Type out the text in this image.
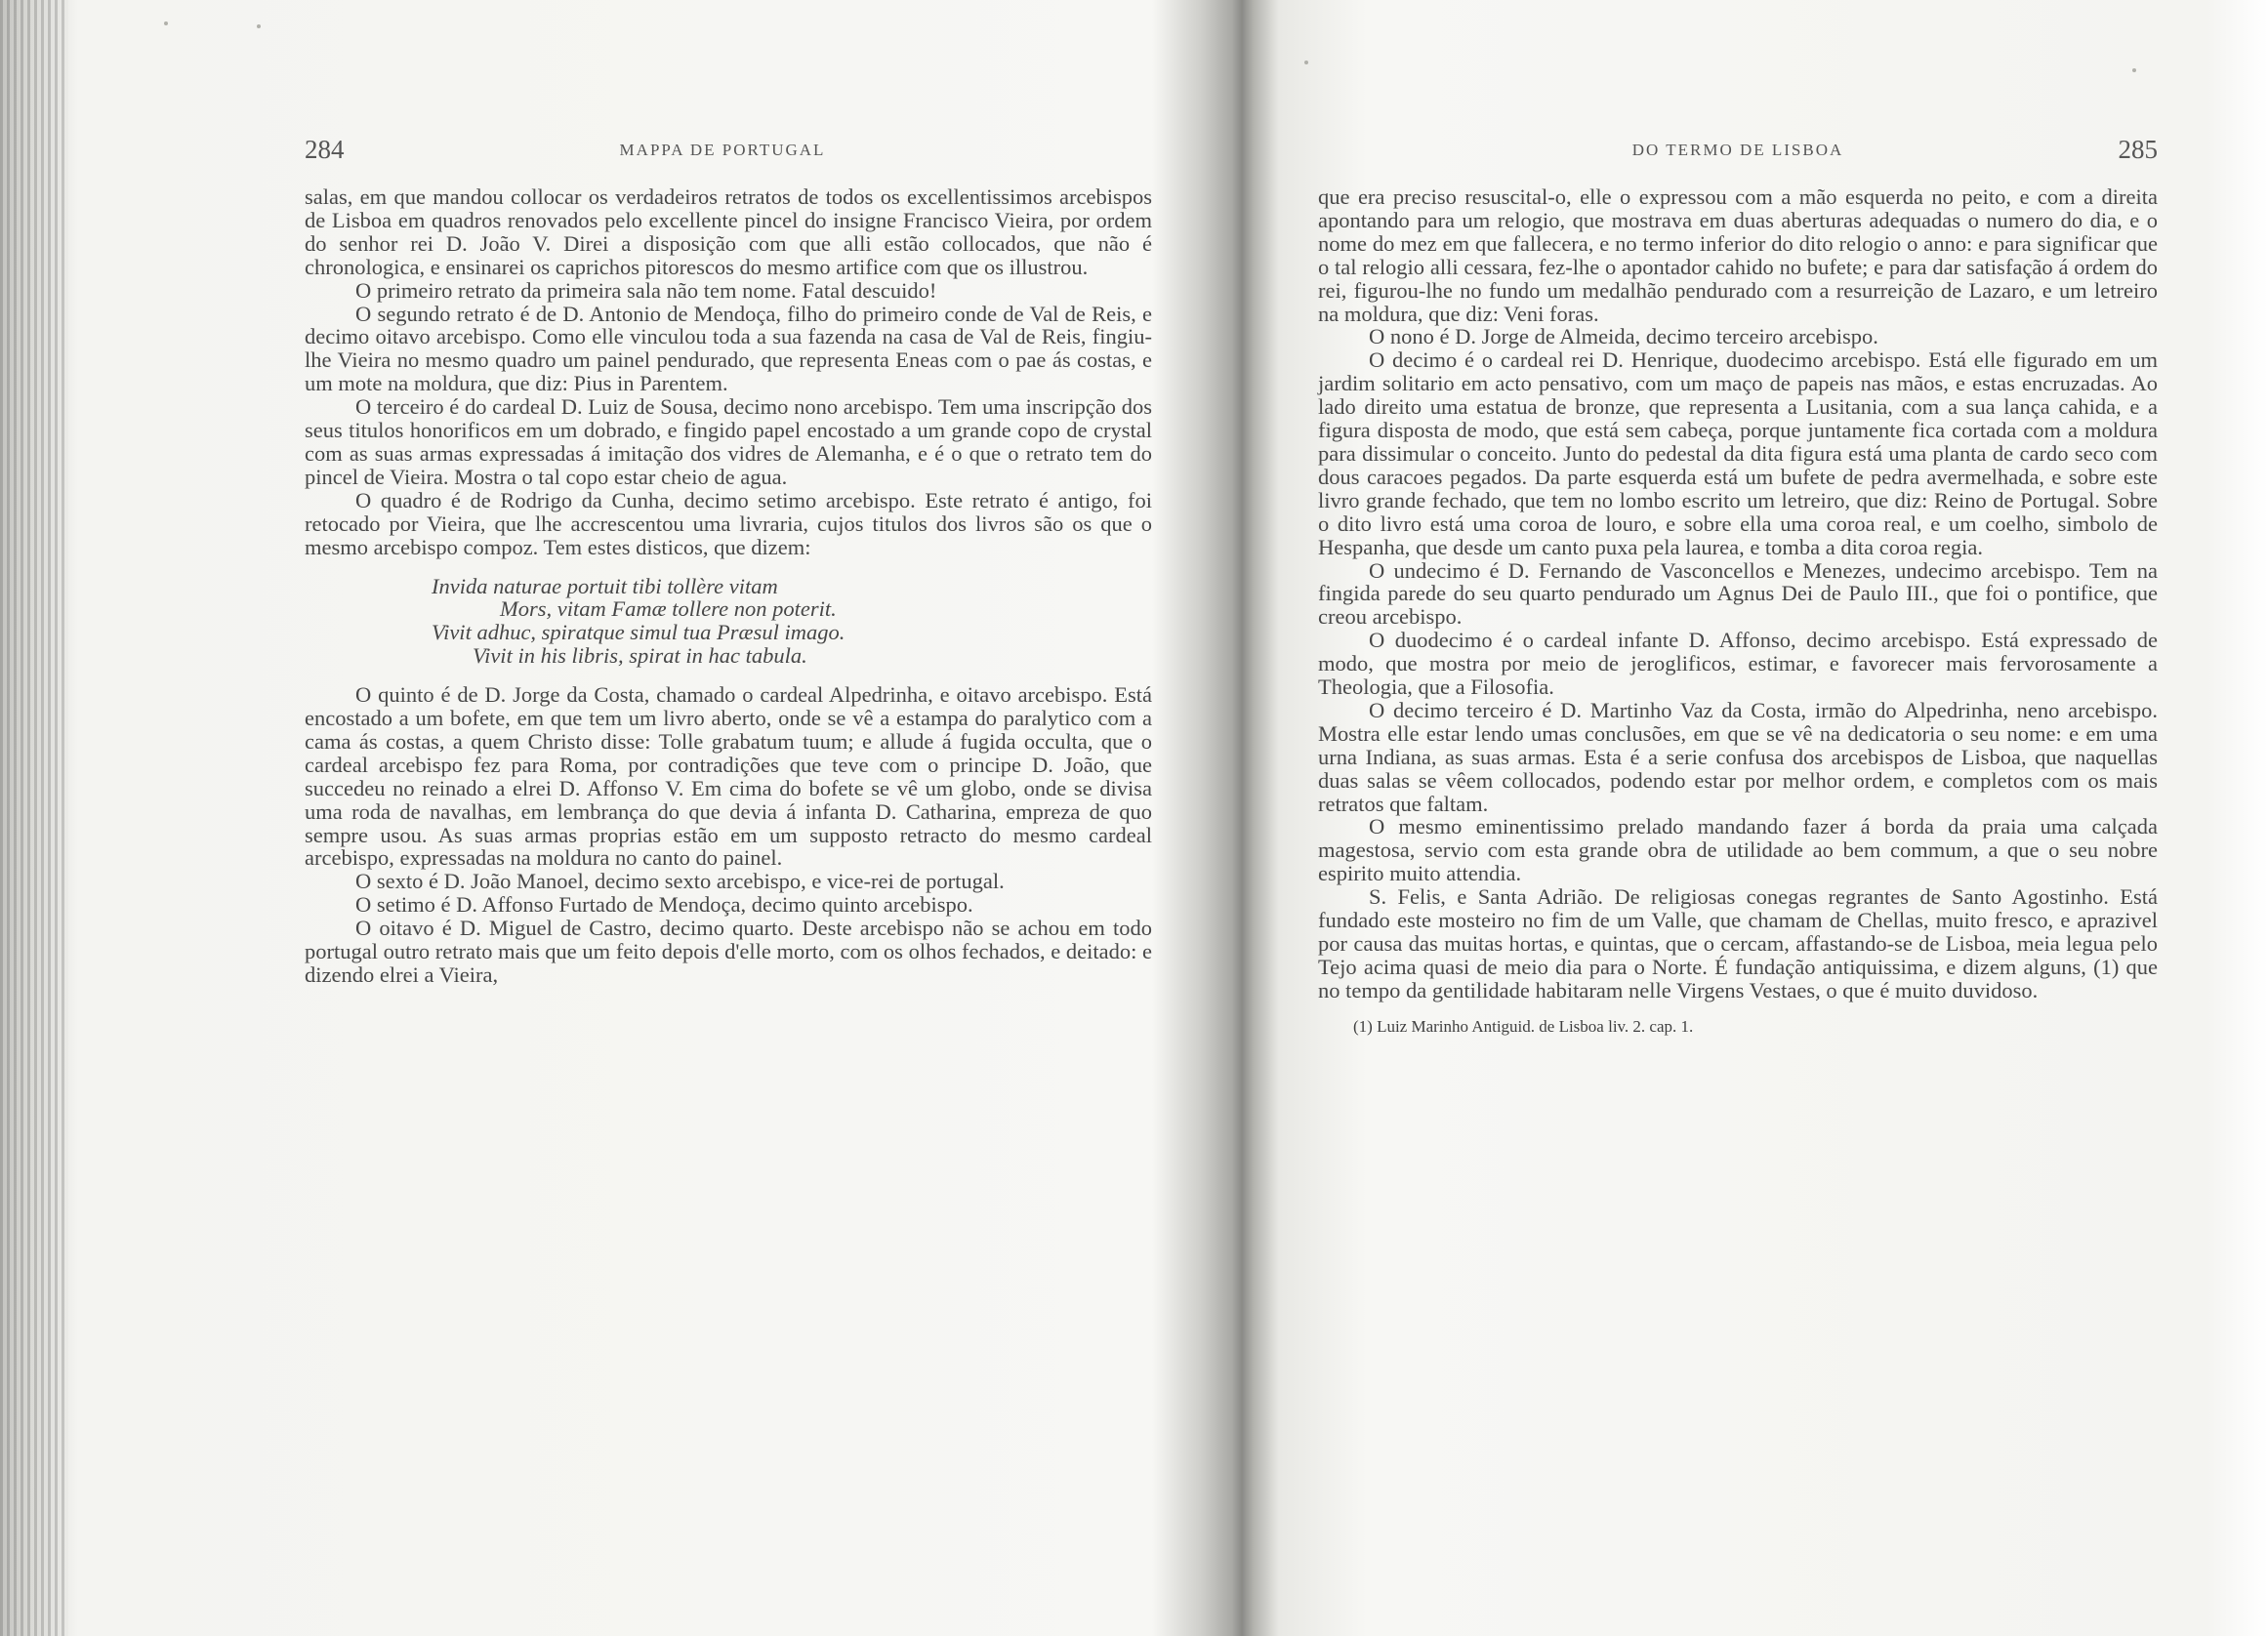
284	MAPPA DE PORTUGAL

salas, em que mandou collocar os verdadeiros retratos de todos os excellentissimos arcebispos de Lisboa em quadros renovados pelo excellente pincel do insigne Francisco Vieira, por ordem do senhor rei D. João V. Direi a disposição com que alli estão collocados, que não é chronologica, e ensinarei os caprichos pitorescos do mesmo artifice com que os illustrou.

O primeiro retrato da primeira sala não tem nome. Fatal descuido!

O segundo retrato é de D. Antonio de Mendoça, filho do primeiro conde de Val de Reis, e decimo oitavo arcebispo. Como elle vinculou toda a sua fazenda na casa de Val de Reis, fingiu-lhe Vieira no mesmo quadro um painel pendurado, que representa Eneas com o pae ás costas, e um mote na moldura, que diz: Pius in Parentem.

O terceiro é do cardeal D. Luiz de Sousa, decimo nono arcebispo. Tem uma inscripção dos seus titulos honorificos em um dobrado, e fingido papel encostado a um grande copo de crystal com as suas armas expressadas á imitação dos vidres de Alemanha, e é o que o retrato tem do pincel de Vieira. Mostra o tal copo estar cheio de agua.

O quadro é de Rodrigo da Cunha, decimo setimo arcebispo. Este retrato é antigo, foi retocado por Vieira, que lhe accrescentou uma livraria, cujos titulos dos livros são os que o mesmo arcebispo compoz. Tem estes disticos, que dizem:

Invida naturae portuit tibi tollère vitam
Mors, vitam Famæ tollere non poterit.
Vivit adhuc, spiratque simul tua Præsul imago.
Vivit in his libris, spirat in hac tabula.

O quinto é de D. Jorge da Costa, chamado o cardeal Alpedrinha, e oitavo arcebispo. Está encostado a um bofete, em que tem um livro aberto, onde se vê a estampa do paralytico com a cama ás costas, a quem Christo disse: Tolle grabatum tuum; e allude á fugida occulta, que o cardeal arcebispo fez para Roma, por contradições que teve com o principe D. João, que succedeu no reinado a elrei D. Affonso V. Em cima do bofete se vê um globo, onde se divisa uma roda de navalhas, em lembrança do que devia á infanta D. Catharina, emprezа de quo sempre usou. As suas armas proprias estão em um supposto retracto do mesmo cardeal arcebispo, expressadas na moldura no canto do painel.

O sexto é D. João Manoel, decimo sexto arcebispo, e vice-rei de portugal.

O setimo é D. Affonso Furtado de Mendoça, decimo quinto arcebispo.

O oitavo é D. Miguel de Castro, decimo quarto. Deste arcebispo não se achou em todo portugal outro retrato mais que um feito depois d'elle morto, com os olhos fechados, e deitado: e dizendo elrei a Vieira,

DO TERMO DE LISBOA	285

que era preciso resuscital-o, elle o expressou com a mão esquerda no peito, e com a direita apontando para um relogio, que mostrava em duas aberturas adequadas o numero do dia, e o nome do mez em que fallecera, e no termo inferior do dito relogio o anno: e para significar que o tal relogio alli cessara, fez-lhe o apontador cahido no bufete; e para dar satisfação á ordem do rei, figurou-lhe no fundo um medalhão pendurado com a resurreição de Lazaro, e um letreiro na moldura, que diz: Veni foras.

O nono é D. Jorge de Almeida, decimo terceiro arcebispo.

O decimo é o cardeal rei D. Henrique, duodecimo arcebispo. Está elle figurado em um jardim solitario em acto pensativo, com um maço de papeis nas mãos, e estas encruzadas. Ao lado direito uma estatua de bronze, que representa a Lusitania, com a sua lança cahida, e a figura disposta de modo, que está sem cabeça, porque juntamente fica cortada com a moldura para dissimular o conceito. Junto do pedestal da dita figura está uma planta de cardo seco com dous caracoes pegados. Da parte esquerda está um bufete de pedra avermelhada, e sobre este livro grande fechado, que tem no lombo escrito um letreiro, que diz: Reino de Portugal. Sobre o dito livro está uma coroa de louro, e sobre ella uma coroa real, e um coelho, simbolo de Hespanha, que desde um canto puxa pela laurea, e tomba a dita coroa regia.

O undecimo é D. Fernando de Vasconcellos e Menezes, undecimo arcebispo. Tem na fingida parede do seu quarto pendurado um Agnus Dei de Paulo III., que foi o pontifice, que creou arcebispo.

O duodecimo é o cardeal infante D. Affonso, decimo arcebispo. Está expressado de modo, que mostra por meio de jeroglificos, estimar, e favorecer mais fervorosamente a Theologia, que a Filosofia.

O decimo terceiro é D. Martinho Vaz da Costa, irmão do Alpedrinha, neno arcebispo. Mostra elle estar lendo umas conclusões, em que se vê na dedicatoria o seu nome: e em uma urna Indiana, as suas armas. Esta é a serie confusa dos arcebispos de Lisboa, que naquellas duas salas se vêem collocados, podendo estar por melhor ordem, e completos com os mais retratos que faltam.

O mesmo eminentissimo prelado mandando fazer á borda da praia uma calçada magestosa, servio com esta grande obra de utilidade ao bem commum, a que o seu nobre espirito muito attendia.

S. Felis, e Santa Adrião. De religiosas conegas regrantes de Santo Agostinho. Está fundado este mosteiro no fim de um Valle, que chamam de Chellas, muito fresco, e aprazivel por causa das muitas hortas, e quintas, que o cercam, affastando-se de Lisboa, meia legua pelo Tejo acima quasi de meio dia para o Norte. É fundação antiquissima, e dizem alguns, (1) que no tempo da gentilidade habitaram nelle Virgens Vestaes, o que é muito duvidoso.

(1) Luiz Marinho Antiguid. de Lisboa liv. 2. cap. 1.
